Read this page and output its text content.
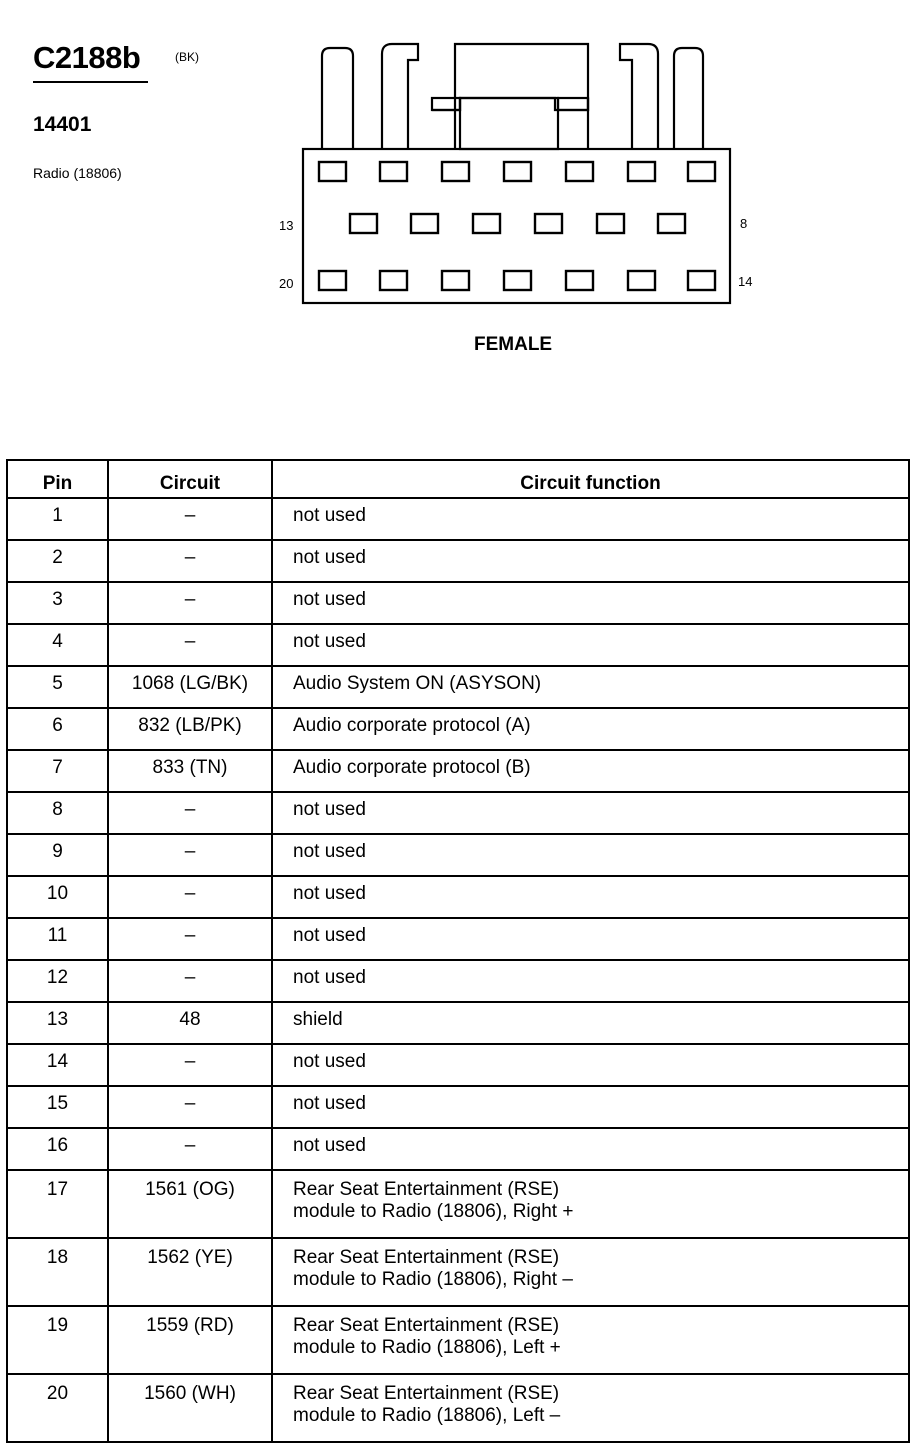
C2188b	(BK)
14401
Radio (18806)
13	8
20	14
FEMALE
Pin	Circuit	Circuit function
1	–	not used
2	–	not used
3	–	not used
4	–	not used
5	1068 (LG/BK)	Audio System ON (ASYSON)
6	832 (LB/PK)	Audio corporate protocol (A)
7	833 (TN)	Audio corporate protocol (B)
8	–	not used
9	–	not used
10	–	not used
11	–	not used
12	–	not used
13	48	shield
14	–	not used
15	–	not used
16	–	not used
17	1561 (OG)	Rear Seat Entertainment (RSE)
module to Radio (18806), Right +

18	1562 (YE)	Rear Seat Entertainment (RSE)
module to Radio (18806), Right –

19	1559 (RD)	Rear Seat Entertainment (RSE)
module to Radio (18806), Left +

20	1560 (WH)	Rear Seat Entertainment (RSE)
module to Radio (18806), Left –
